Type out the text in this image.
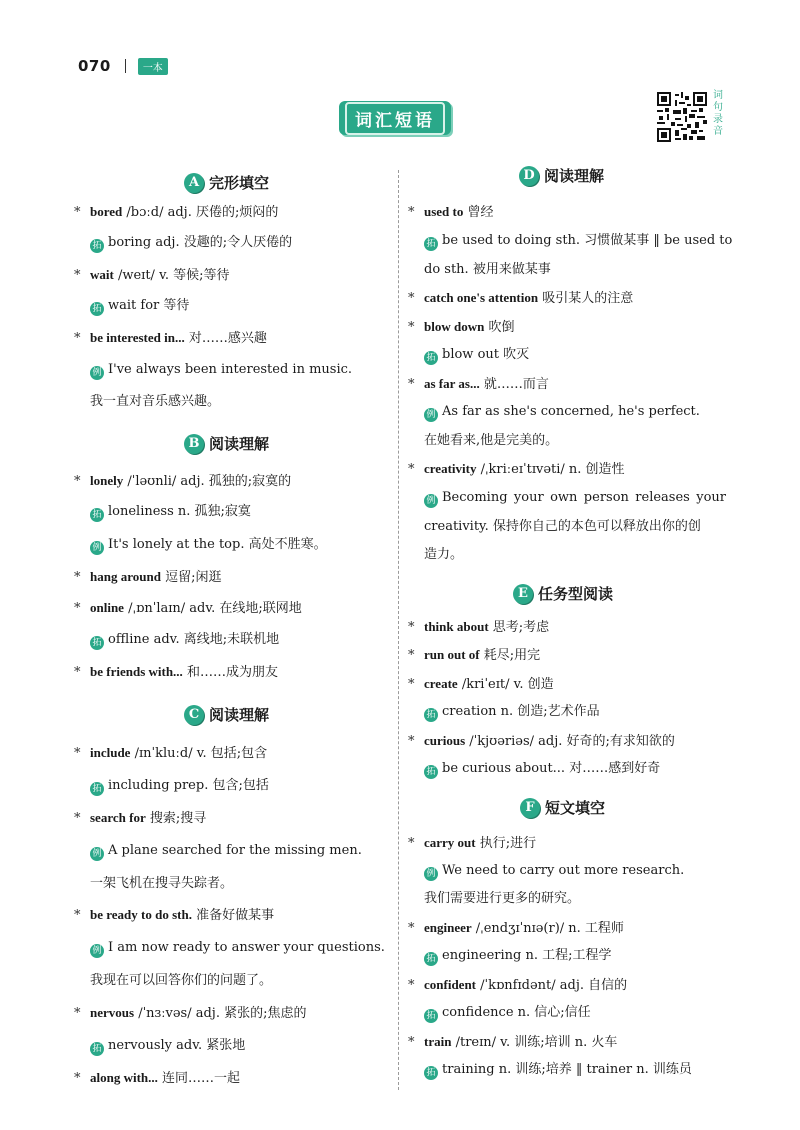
070	一本
词汇短语
词
句
录
音
A 完形填空
* bored /bɔːd/ adj. 厌倦的;烦闷的
拓 boring adj. 没趣的;令人厌倦的
* wait /weɪt/ v. 等候;等待
拓 wait for 等待
* be interested in... 对……感兴趣
例 I've always been interested in music.
我一直对音乐感兴趣。
B 阅读理解
* lonely /ˈləʊnli/ adj. 孤独的;寂寞的
拓 loneliness n. 孤独;寂寞
例 It's lonely at the top. 高处不胜寒。
* hang around 逗留;闲逛
* online /ˌɒnˈlaɪn/ adv. 在线地;联网地
拓 offline adv. 离线地;未联机地
* be friends with... 和……成为朋友
C 阅读理解
* include /ɪnˈkluːd/ v. 包括;包含
拓 including prep. 包含;包括
* search for 搜索;搜寻
例 A plane searched for the missing men.
一架飞机在搜寻失踪者。
* be ready to do sth. 准备好做某事
例 I am now ready to answer your questions.
我现在可以回答你们的问题了。
* nervous /ˈnɜːvəs/ adj. 紧张的;焦虑的
拓 nervously adv. 紧张地
* along with... 连同……一起
D 阅读理解
* used to 曾经
拓 be used to doing sth. 习惯做某事 ‖ be used to
do sth. 被用来做某事
* catch one's attention 吸引某人的注意
* blow down 吹倒
拓 blow out 吹灭
* as far as... 就……而言
例 As far as she's concerned, he's perfect.
在她看来,他是完美的。
* creativity /ˌkriːeɪˈtɪvəti/ n. 创造性
例 Becoming your own person releases your
creativity. 保持你自己的本色可以释放出你的创
造力。
E 任务型阅读
* think about 思考;考虑
* run out of 耗尽;用完
* create /kriˈeɪt/ v. 创造
拓 creation n. 创造;艺术作品
* curious /ˈkjʊəriəs/ adj. 好奇的;有求知欲的
拓 be curious about... 对……感到好奇
F 短文填空
* carry out 执行;进行
例 We need to carry out more research.
我们需要进行更多的研究。
* engineer /ˌendʒɪˈnɪə(r)/ n. 工程师
拓 engineering n. 工程;工程学
* confident /ˈkɒnfɪdənt/ adj. 自信的
拓 confidence n. 信心;信任
* train /treɪn/ v. 训练;培训 n. 火车
拓 training n. 训练;培养 ‖ trainer n. 训练员
